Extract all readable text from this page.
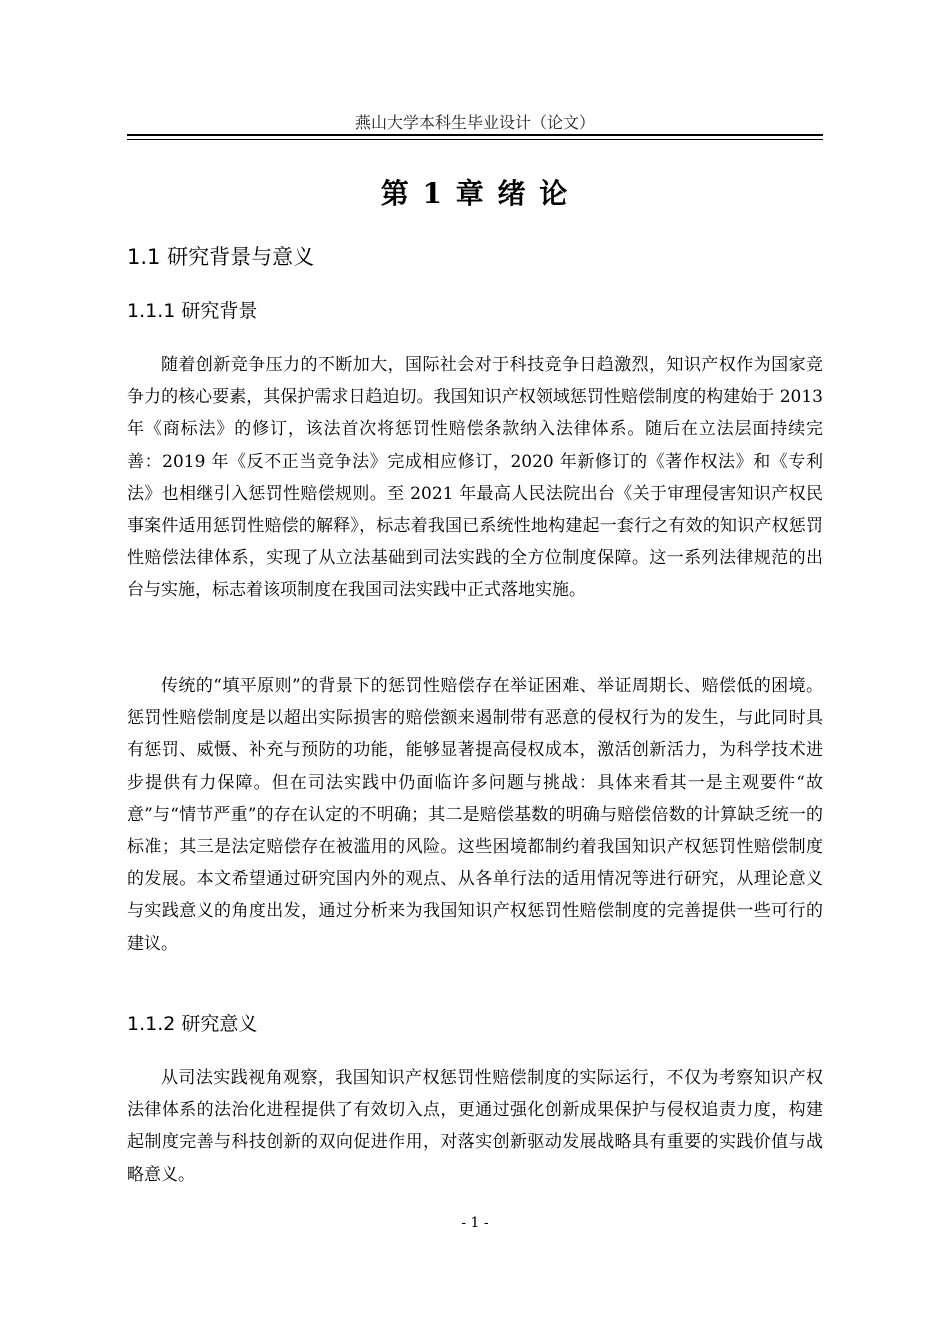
燕山大学本科生毕业设计（论文）
第 1 章 绪 论
1.1 研究背景与意义
1.1.1 研究背景

随着创新竞争压力的不断加大，国际社会对于科技竞争日趋激烈，知识产权作为国家竞争力的核心要素，其保护需求日趋迫切。我国知识产权领域惩罚性赔偿制度的构建始于 2013 年《商标法》的修订，该法首次将惩罚性赔偿条款纳入法律体系。随后在立法层面持续完善：2019 年《反不正当竞争法》完成相应修订，2020 年新修订的《著作权法》和《专利法》也相继引入惩罚性赔偿规则。至 2021 年最高人民法院出台《关于审理侵害知识产权民事案件适用惩罚性赔偿的解释》，标志着我国已系统性地构建起一套行之有效的知识产权惩罚性赔偿法律体系，实现了从立法基础到司法实践的全方位制度保障。这一系列法律规范的出台与实施，标志着该项制度在我国司法实践中正式落地实施。

传统的“填平原则”的背景下的惩罚性赔偿存在举证困难、举证周期长、赔偿低的困境。惩罚性赔偿制度是以超出实际损害的赔偿额来遏制带有恶意的侵权行为的发生，与此同时具有惩罚、威慑、补充与预防的功能，能够显著提高侵权成本，激活创新活力，为科学技术进步提供有力保障。但在司法实践中仍面临许多问题与挑战：具体来看其一是主观要件“故意”与“情节严重”的存在认定的不明确；其二是赔偿基数的明确与赔偿倍数的计算缺乏统一的标准；其三是法定赔偿存在被滥用的风险。这些困境都制约着我国知识产权惩罚性赔偿制度的发展。本文希望通过研究国内外的观点、从各单行法的适用情况等进行研究，从理论意义与实践意义的角度出发，通过分析来为我国知识产权惩罚性赔偿制度的完善提供一些可行的建议。

1.1.2 研究意义

从司法实践视角观察，我国知识产权惩罚性赔偿制度的实际运行，不仅为考察知识产权法律体系的法治化进程提供了有效切入点，更通过强化创新成果保护与侵权追责力度，构建起制度完善与科技创新的双向促进作用，对落实创新驱动发展战略具有重要的实践价值与战略意义。

- 1 -
